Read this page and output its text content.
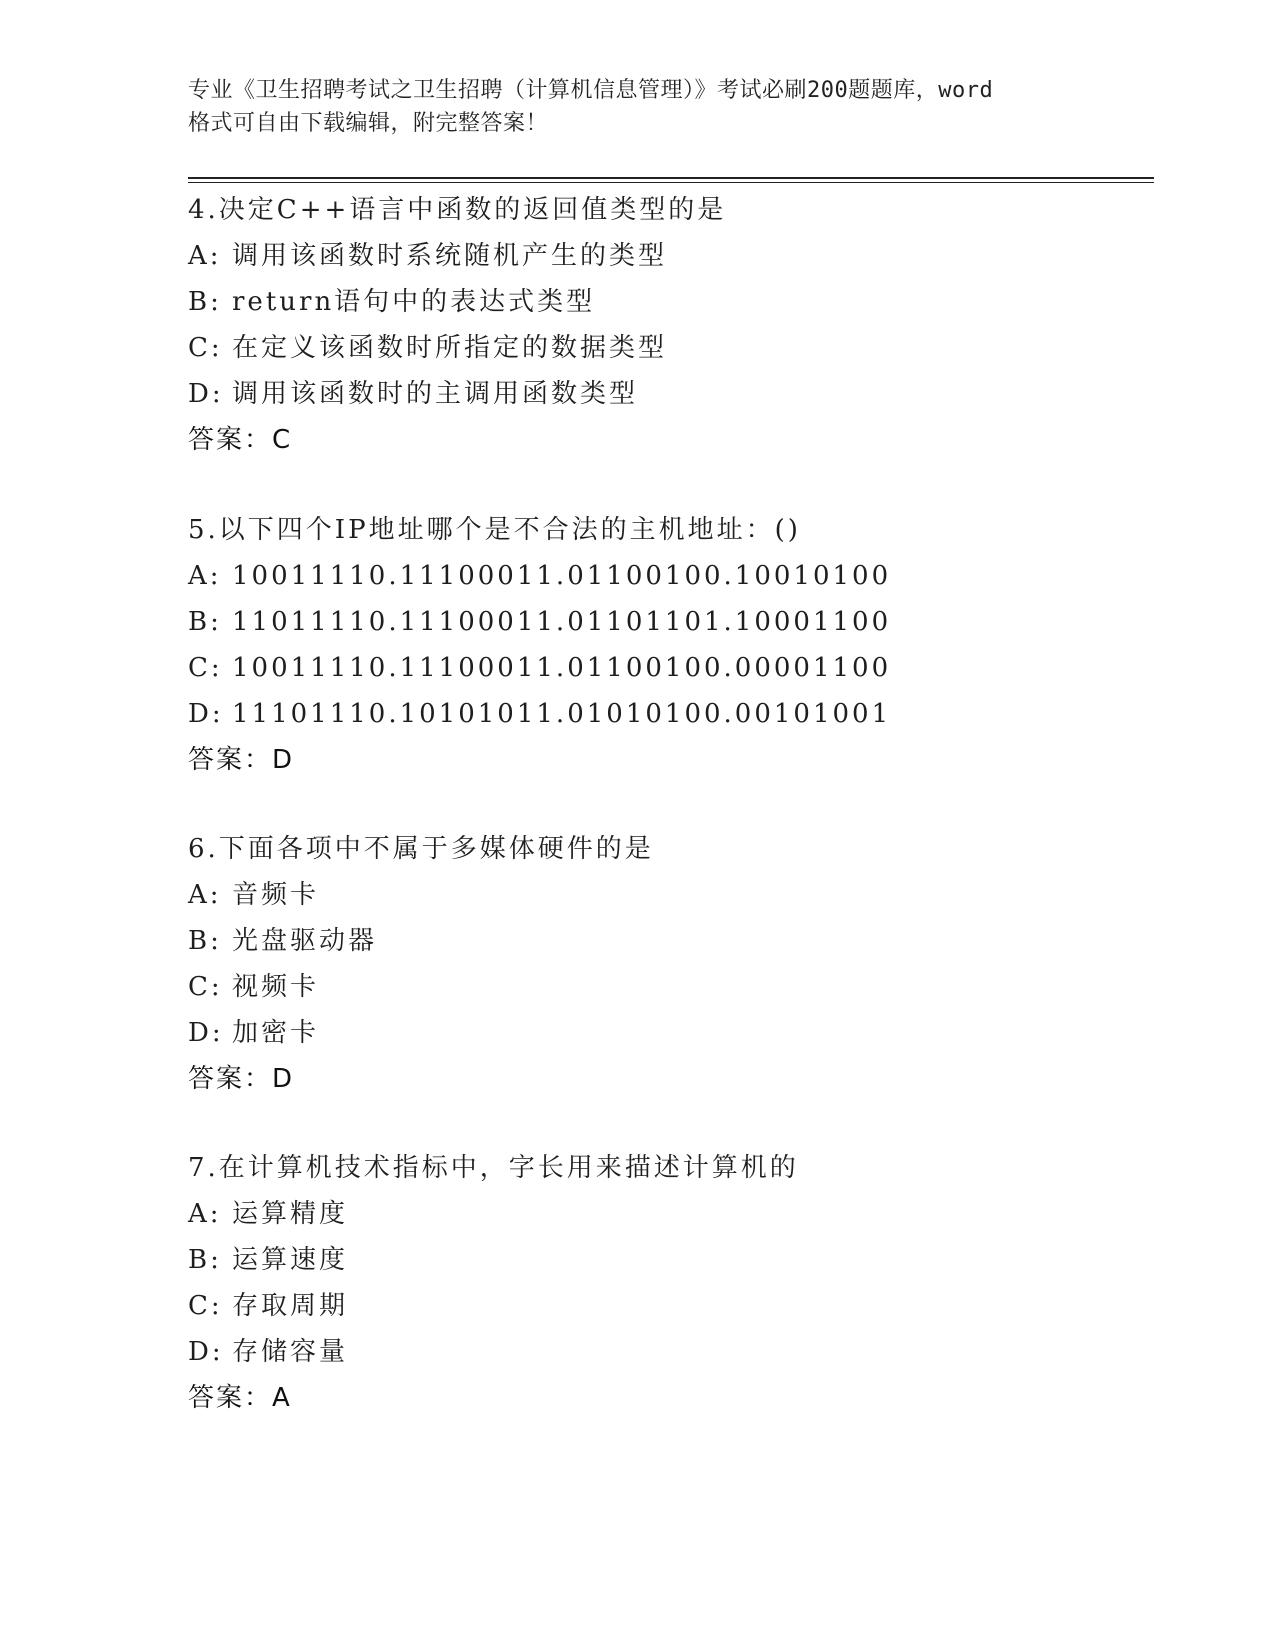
专业《卫生招聘考试之卫生招聘（计算机信息管理）》考试必刷200题题库，word
格式可自由下载编辑，附完整答案！
4.决定C++语言中函数的返回值类型的是
A: 调用该函数时系统随机产生的类型
B: return语句中的表达式类型
C: 在定义该函数时所指定的数据类型
D: 调用该函数时的主调用函数类型
答案：C
5.以下四个IP地址哪个是不合法的主机地址：()
A: 10011110.11100011.01100100.10010100
B: 11011110.11100011.01101101.10001100
C: 10011110.11100011.01100100.00001100
D: 11101110.10101011.01010100.00101001
答案：D
6.下面各项中不属于多媒体硬件的是
A: 音频卡
B: 光盘驱动器
C: 视频卡
D: 加密卡
答案：D
7.在计算机技术指标中，字长用来描述计算机的
A: 运算精度
B: 运算速度
C: 存取周期
D: 存储容量
答案：A
